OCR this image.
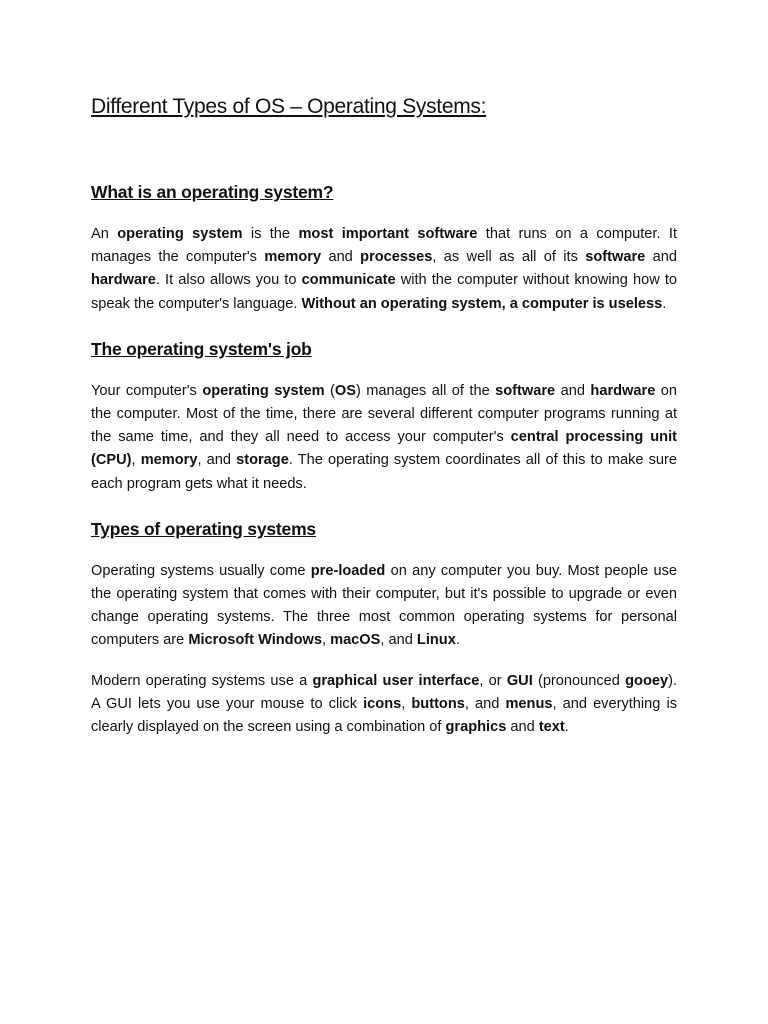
Different Types of OS – Operating Systems:
What is an operating system?

An operating system is the most important software that runs on a computer. It manages the computer's memory and processes, as well as all of its software and hardware. It also allows you to communicate with the computer without knowing how to speak the computer's language. Without an operating system, a computer is useless.

The operating system's job

Your computer's operating system (OS) manages all of the software and hardware on the computer. Most of the time, there are several different computer programs running at the same time, and they all need to access your computer's central processing unit (CPU), memory, and storage. The operating system coordinates all of this to make sure each program gets what it needs.

Types of operating systems

Operating systems usually come pre-loaded on any computer you buy. Most people use the operating system that comes with their computer, but it's possible to upgrade or even change operating systems. The three most common operating systems for personal computers are Microsoft Windows, macOS, and Linux.

Modern operating systems use a graphical user interface, or GUI (pronounced gooey). A GUI lets you use your mouse to click icons, buttons, and menus, and everything is clearly displayed on the screen using a combination of graphics and text.
